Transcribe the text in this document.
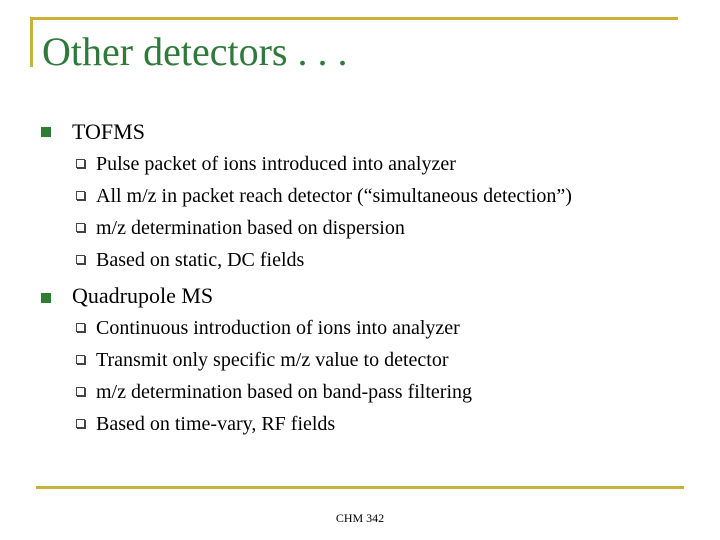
Other detectors . . .
TOFMS
Pulse packet of ions introduced into analyzer
All m/z in packet reach detector (“simultaneous detection”)
m/z determination based on dispersion
Based on static, DC fields
Quadrupole MS
Continuous introduction of ions into analyzer
Transmit only specific m/z value to detector
m/z determination based on band-pass filtering
Based on time-vary, RF fields
CHM 342
